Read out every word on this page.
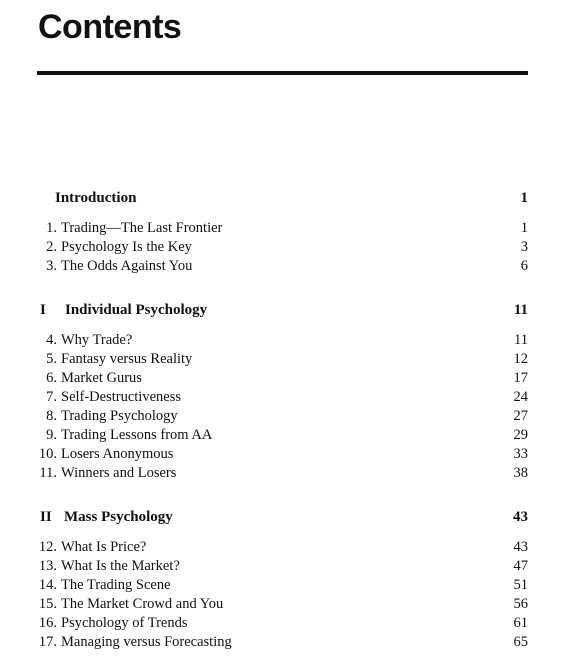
Contents
Introduction	1
1. Trading—The Last Frontier	1
2. Psychology Is the Key	3
3. The Odds Against You	6
I Individual Psychology	11
4. Why Trade?	11
5. Fantasy versus Reality	12
6. Market Gurus	17
7. Self-Destructiveness	24
8. Trading Psychology	27
9. Trading Lessons from AA	29
10. Losers Anonymous	33
11. Winners and Losers	38
II Mass Psychology	43
12. What Is Price?	43
13. What Is the Market?	47
14. The Trading Scene	51
15. The Market Crowd and You	56
16. Psychology of Trends	61
17. Managing versus Forecasting	65
